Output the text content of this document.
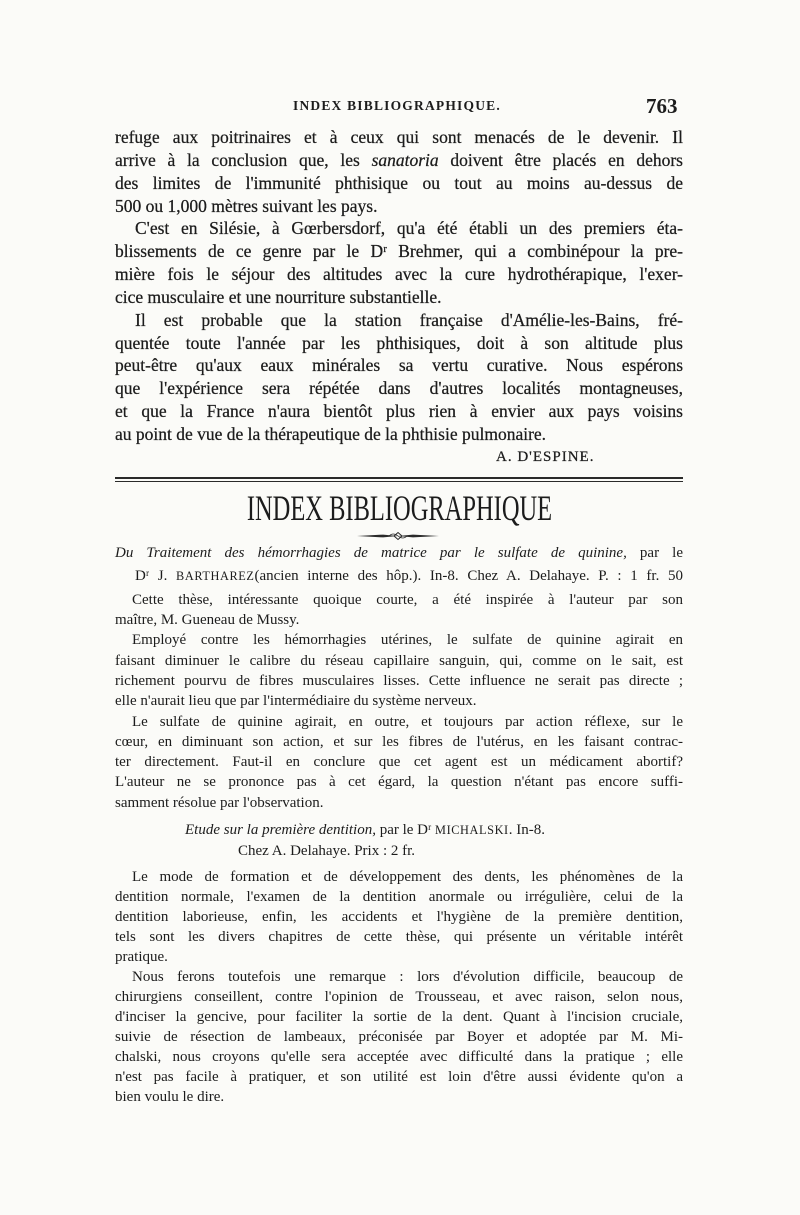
INDEX BIBLIOGRAPHIQUE.	763
refuge aux poitrinaires et à ceux qui sont menacés de le devenir. Il
arrive à la conclusion que, les sanatoria doivent être placés en dehors
des limites de l'immunité phthisique ou tout au moins au-dessus de
500 ou 1,000 mètres suivant les pays.
C'est en Silésie, à Gœrbersdorf, qu'a été établi un des premiers éta-
blissements de ce genre par le Dʳ Brehmer, qui a combinépour la pre-
mière fois le séjour des altitudes avec la cure hydrothérapique, l'exer-
cice musculaire et une nourriture substantielle.
Il est probable que la station française d'Amélie-les-Bains, fré-
quentée toute l'année par les phthisiques, doit à son altitude plus
peut-être qu'aux eaux minérales sa vertu curative. Nous espérons
que l'expérience sera répétée dans d'autres localités montagneuses,
et que la France n'aura bientôt plus rien à envier aux pays voisins
au point de vue de la thérapeutique de la phthisie pulmonaire.
A. D'ESPINE.
INDEX BIBLIOGRAPHIQUE
Du Traitement des hémorrhagies de matrice par le sulfate de quinine, par le
Dʳ J. BARTHAREZ(ancien interne des hôp.). In-8. Chez A. Delahaye. P. : 1 fr. 50
Cette thèse, intéressante quoique courte, a été inspirée à l'auteur par son
maître, M. Gueneau de Mussy.
Employé contre les hémorrhagies utérines, le sulfate de quinine agirait en
faisant diminuer le calibre du réseau capillaire sanguin, qui, comme on le sait, est
richement pourvu de fibres musculaires lisses. Cette influence ne serait pas directe ;
elle n'aurait lieu que par l'intermédiaire du système nerveux.
Le sulfate de quinine agirait, en outre, et toujours par action réflexe, sur le
cœur, en diminuant son action, et sur les fibres de l'utérus, en les faisant contrac-
ter directement. Faut-il en conclure que cet agent est un médicament abortif?
L'auteur ne se prononce pas à cet égard, la question n'étant pas encore suffi-
samment résolue par l'observation.
Etude sur la première dentition, par le Dʳ MICHALSKI. In-8.
Chez A. Delahaye. Prix : 2 fr.
Le mode de formation et de développement des dents, les phénomènes de la
dentition normale, l'examen de la dentition anormale ou irrégulière, celui de la
dentition laborieuse, enfin, les accidents et l'hygiène de la première dentition,
tels sont les divers chapitres de cette thèse, qui présente un véritable intérêt
pratique.
Nous ferons toutefois une remarque : lors d'évolution difficile, beaucoup de
chirurgiens conseillent, contre l'opinion de Trousseau, et avec raison, selon nous,
d'inciser la gencive, pour faciliter la sortie de la dent. Quant à l'incision cruciale,
suivie de résection de lambeaux, préconisée par Boyer et adoptée par M. Mi-
chalski, nous croyons qu'elle sera acceptée avec difficulté dans la pratique ; elle
n'est pas facile à pratiquer, et son utilité est loin d'être aussi évidente qu'on a
bien voulu le dire.
